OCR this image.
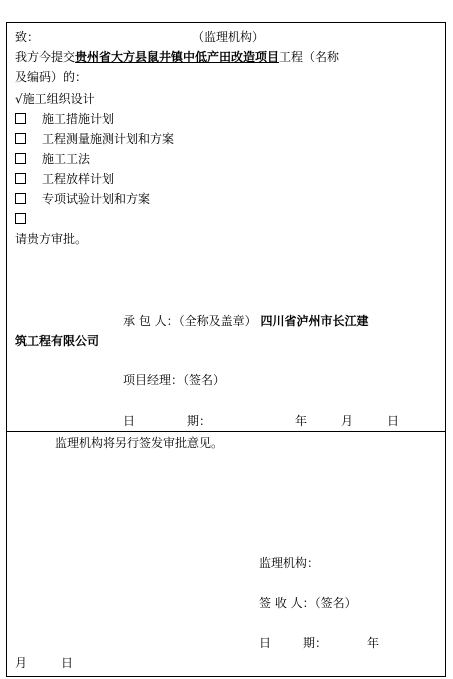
致：	（监理机构）
我方今提交贵州省大方县鼠井镇中低产田改造项目工程（名称
及编码）的：
√施工组织设计
施工措施计划
工程测量施测计划和方案
施工工法
工程放样计划
专项试验计划和方案
请贵方审批。
承 包 人：（全称及盖章） 四川省泸州市长江建
筑工程有限公司
项目经理：（签名）
日	期：	年	月	日
监理机构将另行签发审批意见。
监理机构：
签 收 人：（签名）
日	期：	年
月	日
